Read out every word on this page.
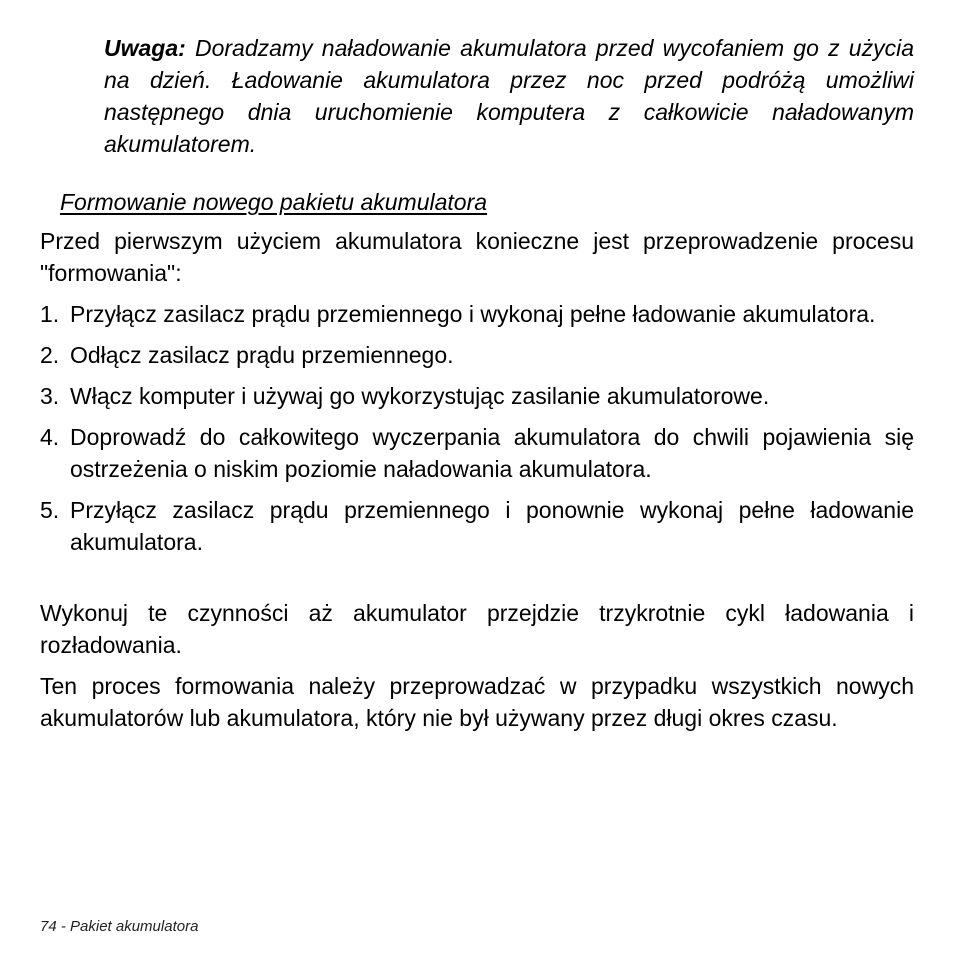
Uwaga: Doradzamy naładowanie akumulatora przed wycofaniem go z użycia na dzień. Ładowanie akumulatora przez noc przed podróżą umożliwi następnego dnia uruchomienie komputera z całkowicie naładowanym akumulatorem.
Formowanie nowego pakietu akumulatora
Przed pierwszym użyciem akumulatora konieczne jest przeprowadzenie procesu "formowania":
1. Przyłącz zasilacz prądu przemiennego i wykonaj pełne ładowanie akumulatora.
2. Odłącz zasilacz prądu przemiennego.
3. Włącz komputer i używaj go wykorzystując zasilanie akumulatorowe.
4. Doprowadź do całkowitego wyczerpania akumulatora do chwili pojawienia się ostrzeżenia o niskim poziomie naładowania akumulatora.
5. Przyłącz zasilacz prądu przemiennego i ponownie wykonaj pełne ładowanie akumulatora.
Wykonuj te czynności aż akumulator przejdzie trzykrotnie cykl ładowania i rozładowania.
Ten proces formowania należy przeprowadzać w przypadku wszystkich nowych akumulatorów lub akumulatora, który nie był używany przez długi okres czasu.
74 - Pakiet akumulatora
